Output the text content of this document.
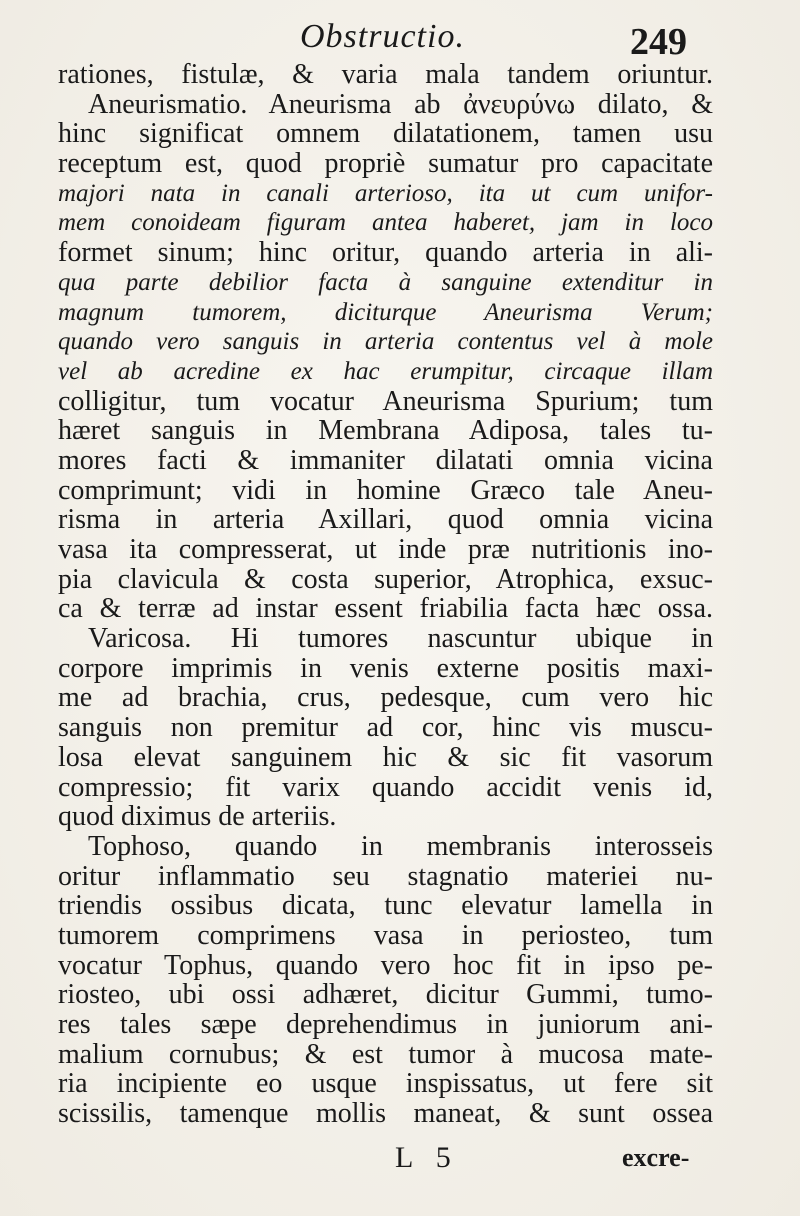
Obstructio.	249
rationes, fistulæ, & varia mala tandem oriuntur.
Aneurismatio. Aneurisma ab ἀνευρύνω dilato, &
hinc significat omnem dilatationem, tamen usu
receptum est, quod propriè sumatur pro capacitate
majori nata in canali arterioso, ita ut cum unifor-
mem conoideam figuram antea haberet, jam in loco
formet sinum; hinc oritur, quando arteria in ali-
qua parte debilior facta à sanguine extenditur in
magnum tumorem, diciturque Aneurisma Verum;
quando vero sanguis in arteria contentus vel à mole
vel ab acredine ex hac erumpitur, circaque illam
colligitur, tum vocatur Aneurisma Spurium; tum
hæret sanguis in Membrana Adiposa, tales tu-
mores facti & immaniter dilatati omnia vicina
comprimunt; vidi in homine Græco tale Aneu-
risma in arteria Axillari, quod omnia vicina
vasa ita compresserat, ut inde præ nutritionis ino-
pia clavicula & costa superior, Atrophica, exsuc-
ca & terræ ad instar essent friabilia facta hæc ossa.
Varicosa. Hi tumores nascuntur ubique in
corpore imprimis in venis externe positis maxi-
me ad brachia, crus, pedesque, cum vero hic
sanguis non premitur ad cor, hinc vis muscu-
losa elevat sanguinem hic & sic fit vasorum
compressio; fit varix quando accidit venis id,
quod diximus de arteriis.
Tophoso, quando in membranis interosseis
oritur inflammatio seu stagnatio materiei nu-
triendis ossibus dicata, tunc elevatur lamella in
tumorem comprimens vasa in periosteo, tum
vocatur Tophus, quando vero hoc fit in ipso pe-
riosteo, ubi ossi adhæret, dicitur Gummi, tumo-
res tales sæpe deprehendimus in juniorum ani-
malium cornubus; & est tumor à mucosa mate-
ria incipiente eo usque inspissatus, ut fere sit
scissilis, tamenque mollis maneat, & sunt ossea
L 5	excre-
